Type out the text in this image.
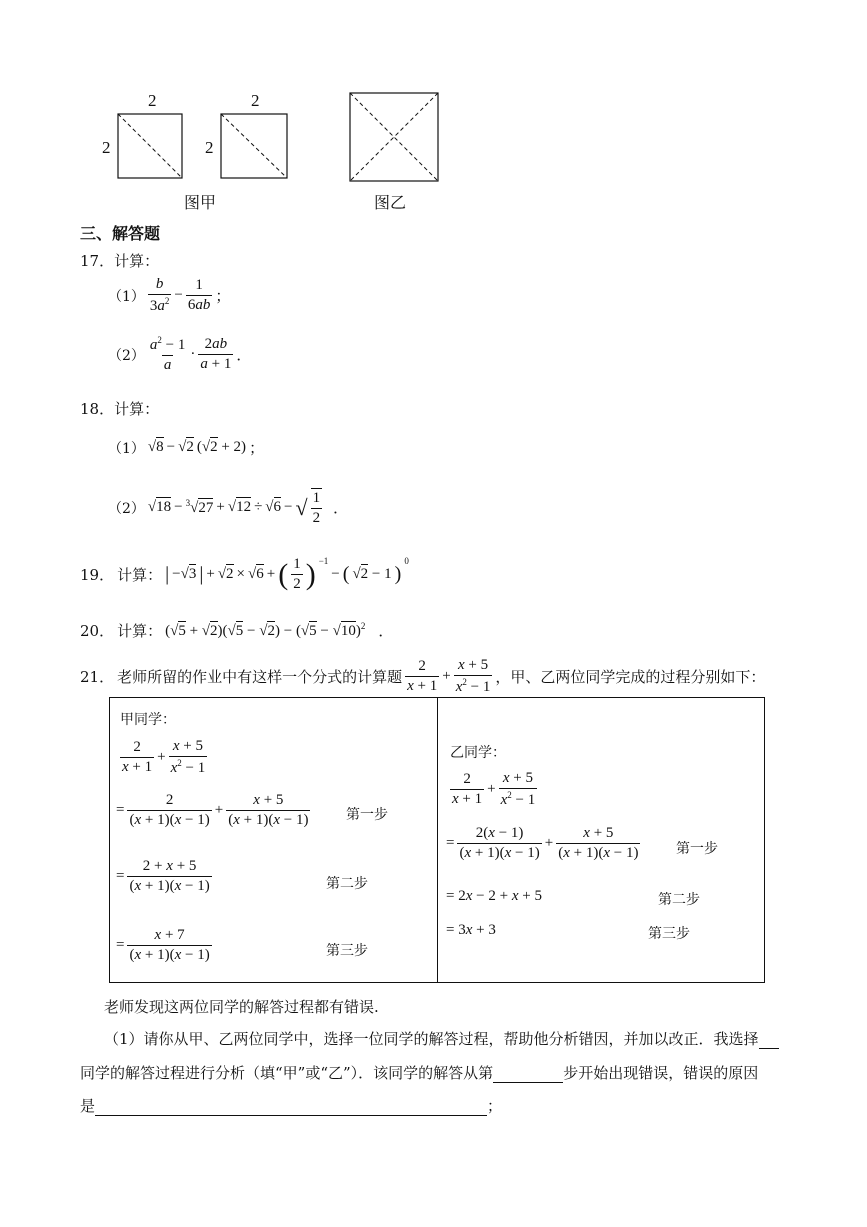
2
2
2
2
图甲	图乙
三、解答题
17．计算：
$(1) \frac{b}{3a^2} - \frac{1}{6ab}$ ；
$(2) \frac{a^2 - 1}{a} \cdot \frac{2ab}{a + 1}$ ．
18．计算：
（1） √8 − √2 (√2 + 2) ；
（2） √18 − $^3$√27 + √12 ÷ √6 − √ $\frac{1}{2}$ ．
19． 计算： | −√3 | + √2 × √6 + ( $\frac{1}{2}$ ) $^{-1}$
− ( √2 − 1 )
$^0$
20． 计算： $(√5 + √2)(√5 - √2) - (√5 - √10)^2$ ．
21． 老师所留的作业中有这样一个分式的计算题 $\frac{2}{x + 1} + \frac{x + 5}{x^2 - 1}$ ，甲、乙两位同学完成的过程分别如下：
甲同学：
$\frac{2}{x + 1} + \frac{x + 5}{x^2 - 1}$
= $\frac{2}{(x + 1)(x - 1)} + \frac{x + 5}{(x + 1)(x - 1)}$	第一步
= $\frac{2 + x + 5}{(x + 1)(x - 1)}$	第二步
= $\frac{x + 7}{(x + 1)(x - 1)}$	第三步
乙同学：
$\frac{2}{x + 1} + \frac{x + 5}{x^2 - 1}$
= $\frac{2(x - 1)}{(x + 1)(x - 1)} + \frac{x + 5}{(x + 1)(x - 1)}$	第一步
= 2x − 2 + x + 5	第二步
= 3x + 3	第三步
老师发现这两位同学的解答过程都有错误.
（1）请你从甲、乙两位同学中，选择一位同学的解答过程，帮助他分析错因，并加以改正．我选择
同学的解答过程进行分析（填“甲”或“乙”）．该同学的解答从第	步开始出现错误，错误的原因
是	；
